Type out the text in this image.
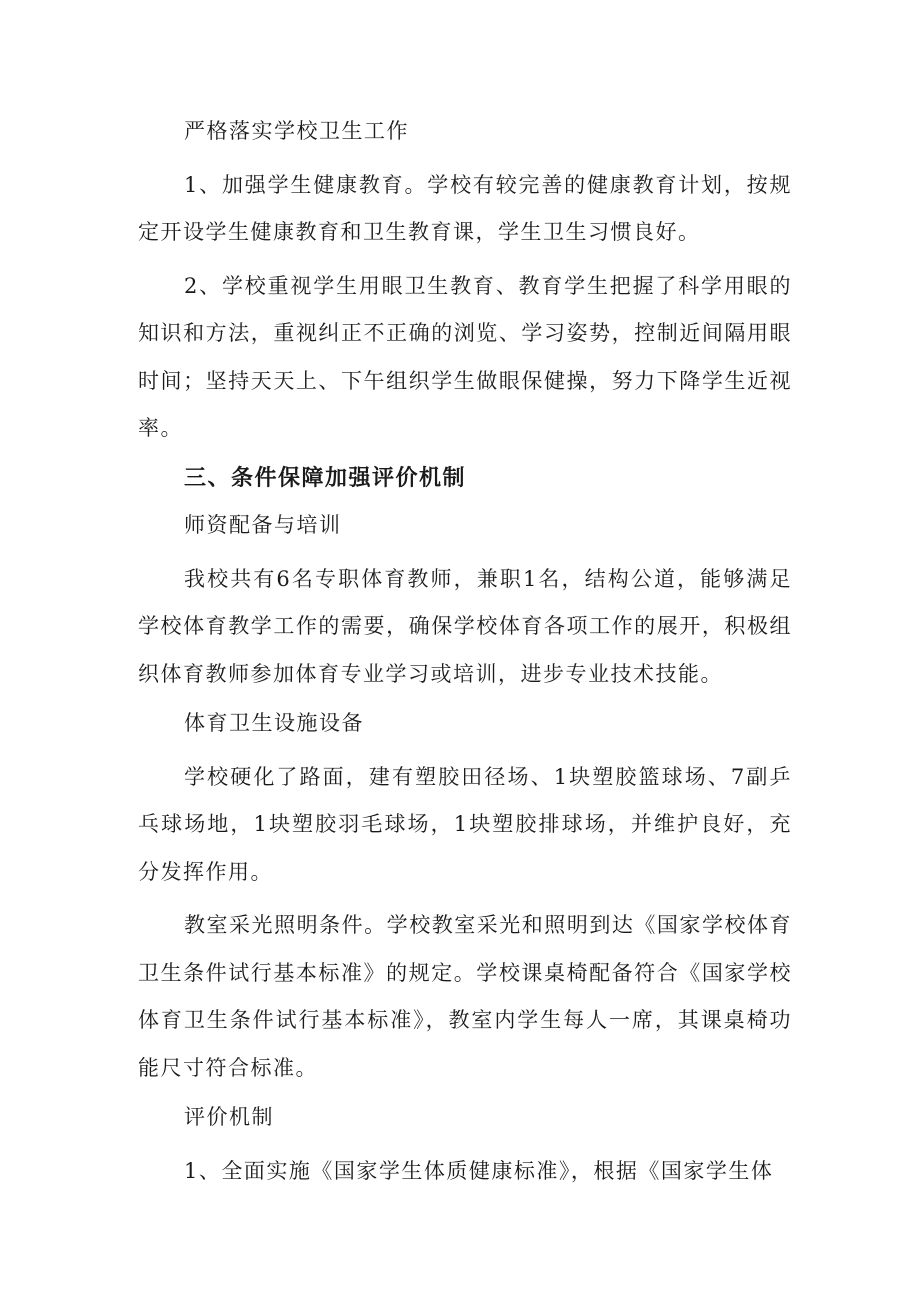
严格落实学校卫生工作

1、加强学生健康教育。学校有较完善的健康教育计划，按规定开设学生健康教育和卫生教育课，学生卫生习惯良好。

2、学校重视学生用眼卫生教育、教育学生把握了科学用眼的知识和方法，重视纠正不正确的浏览、学习姿势，控制近间隔用眼时间；坚持天天上、下午组织学生做眼保健操，努力下降学生近视率。

三、条件保障加强评价机制

师资配备与培训

我校共有6名专职体育教师，兼职1名，结构公道，能够满足学校体育教学工作的需要，确保学校体育各项工作的展开，积极组织体育教师参加体育专业学习或培训，进步专业技术技能。

体育卫生设施设备

学校硬化了路面，建有塑胶田径场、1块塑胶篮球场、7副乒乓球场地，1块塑胶羽毛球场，1块塑胶排球场，并维护良好，充分发挥作用。

教室采光照明条件。学校教室采光和照明到达《国家学校体育卫生条件试行基本标准》的规定。学校课桌椅配备符合《国家学校体育卫生条件试行基本标准》，教室内学生每人一席，其课桌椅功能尺寸符合标准。

评价机制

1、全面实施《国家学生体质健康标准》，根据《国家学生体
